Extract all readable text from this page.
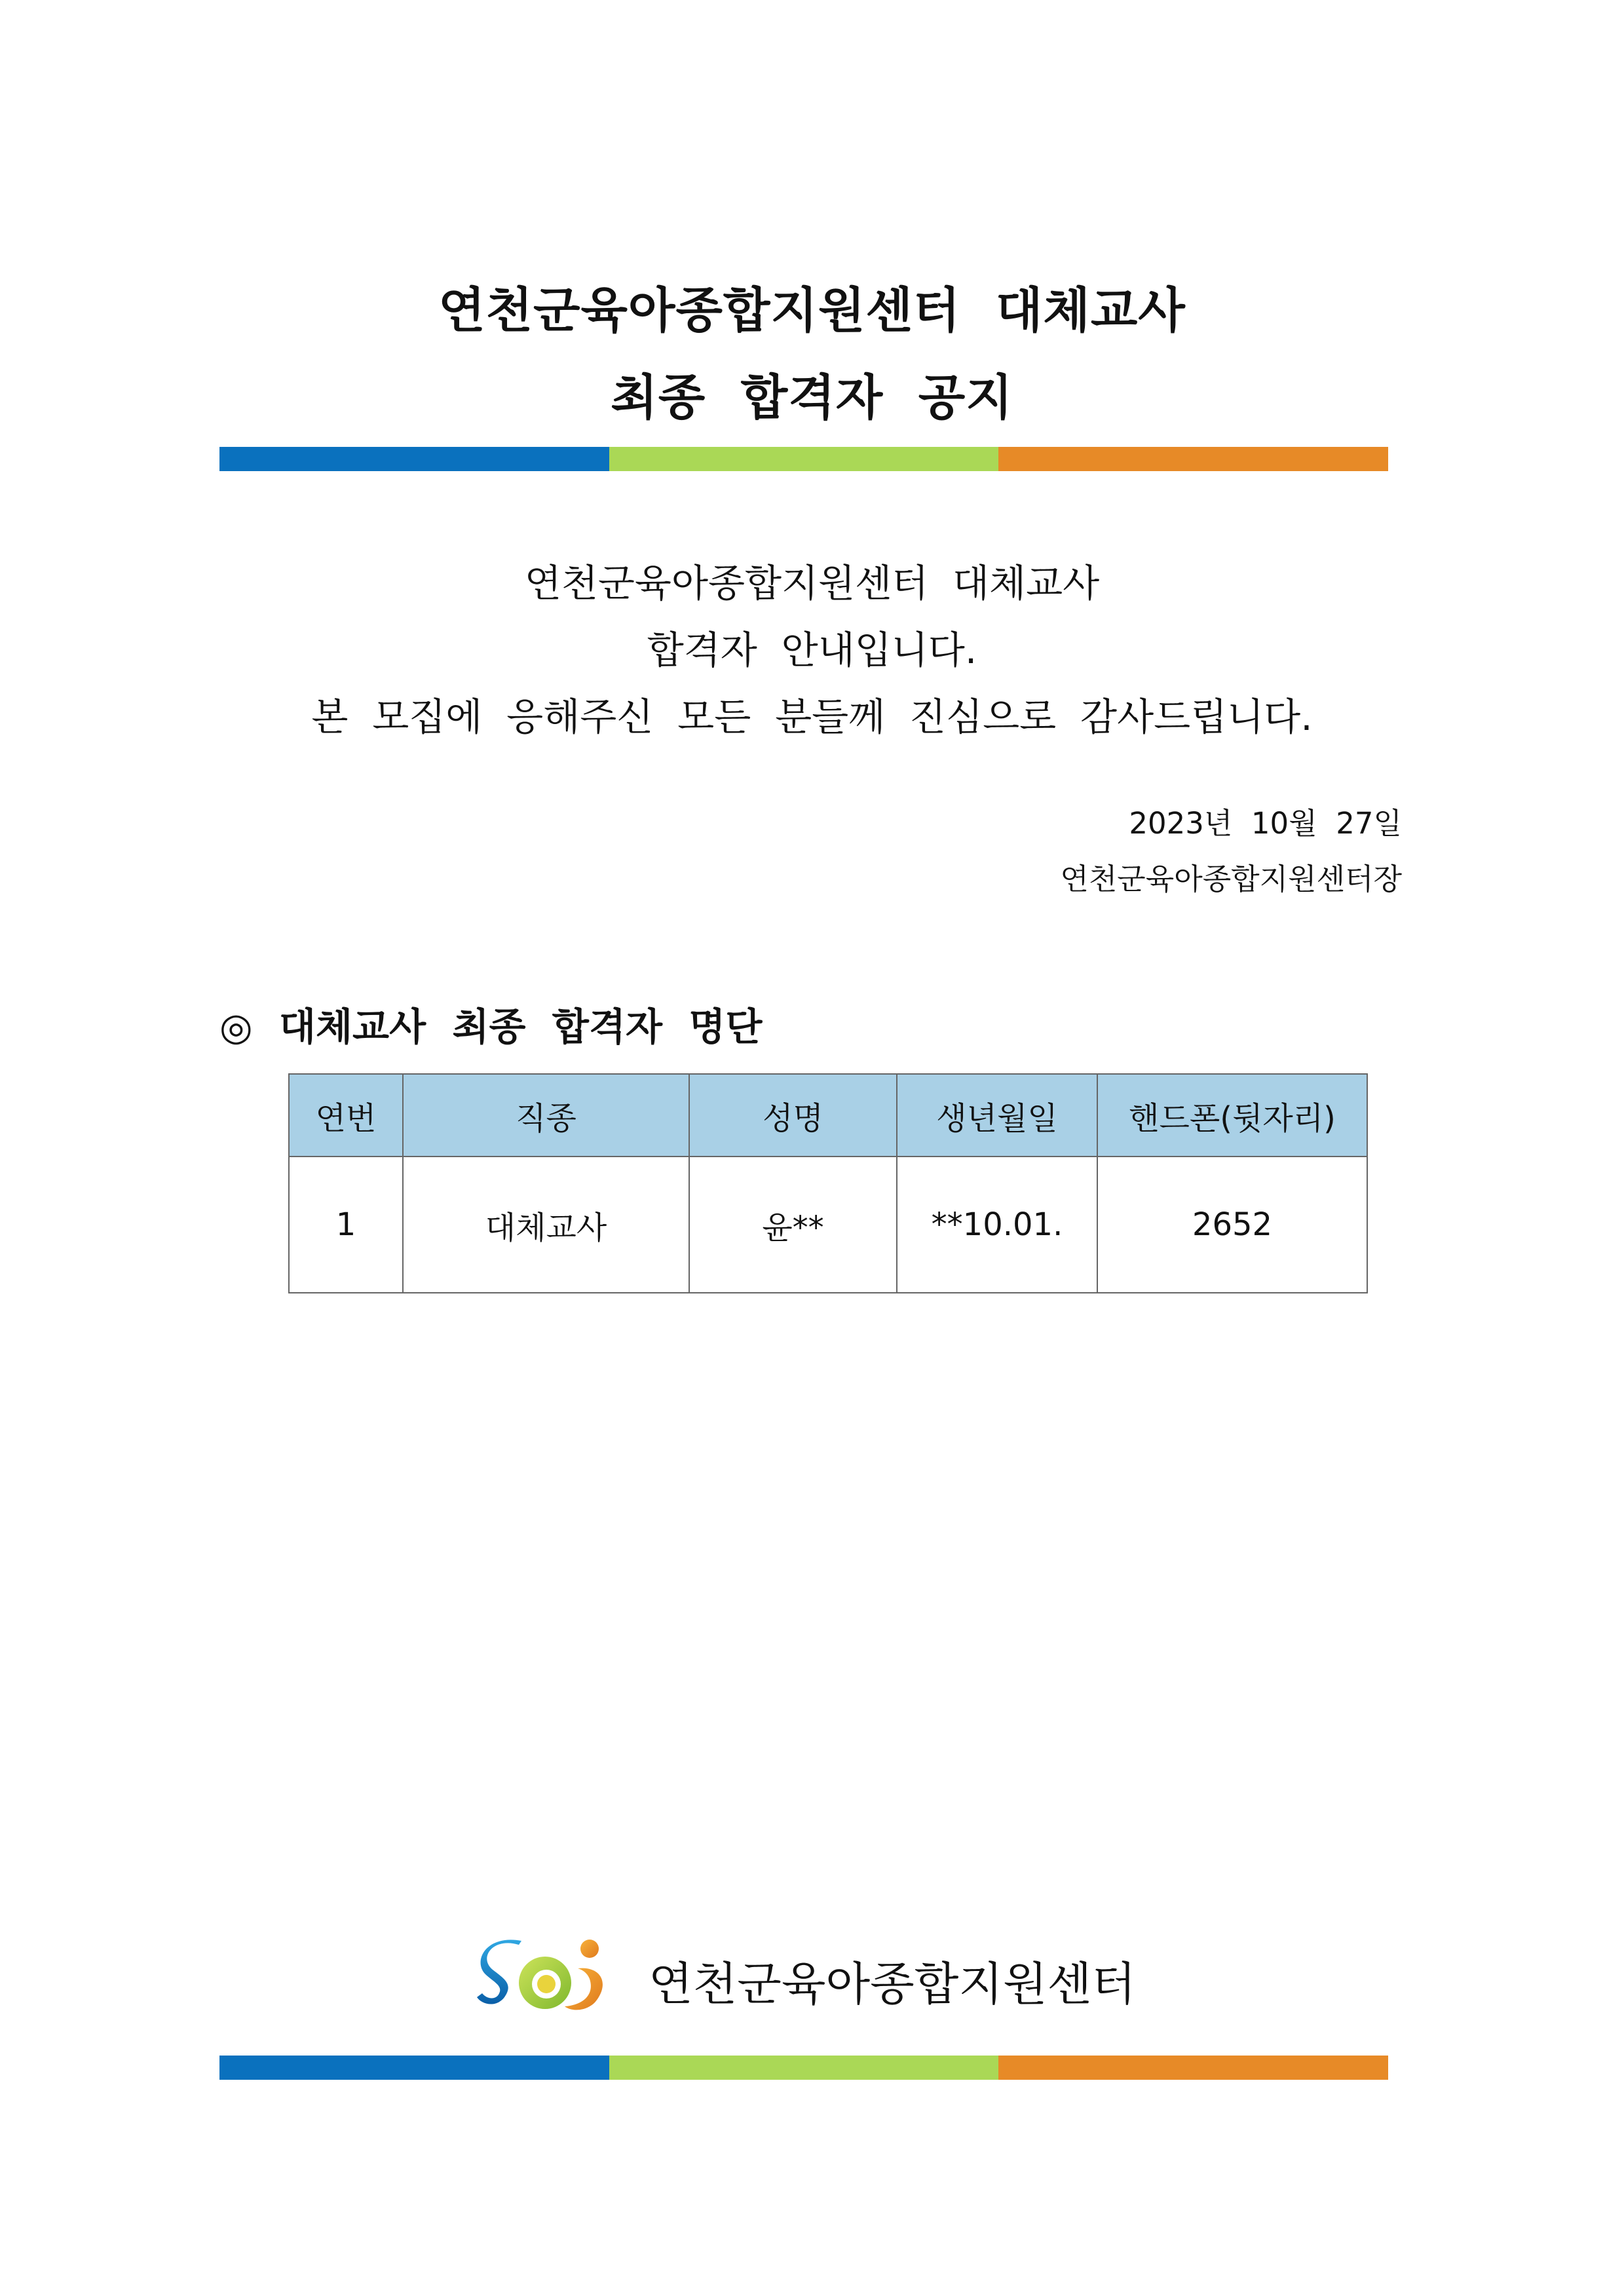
연천군육아종합지원센터  대체교사
최종  합격자  공지
연천군육아종합지원센터  대체교사
합격자  안내입니다.
본  모집에  응해주신  모든  분들께  진심으로  감사드립니다.
2023년  10월  27일
연천군육아종합지원센터장
◎  대체교사  최종  합격자  명단
연번	직종	성명	생년월일	핸드폰(뒷자리)
1	대체교사	윤**	**10.01.	2652
연천군육아종합지원센터
